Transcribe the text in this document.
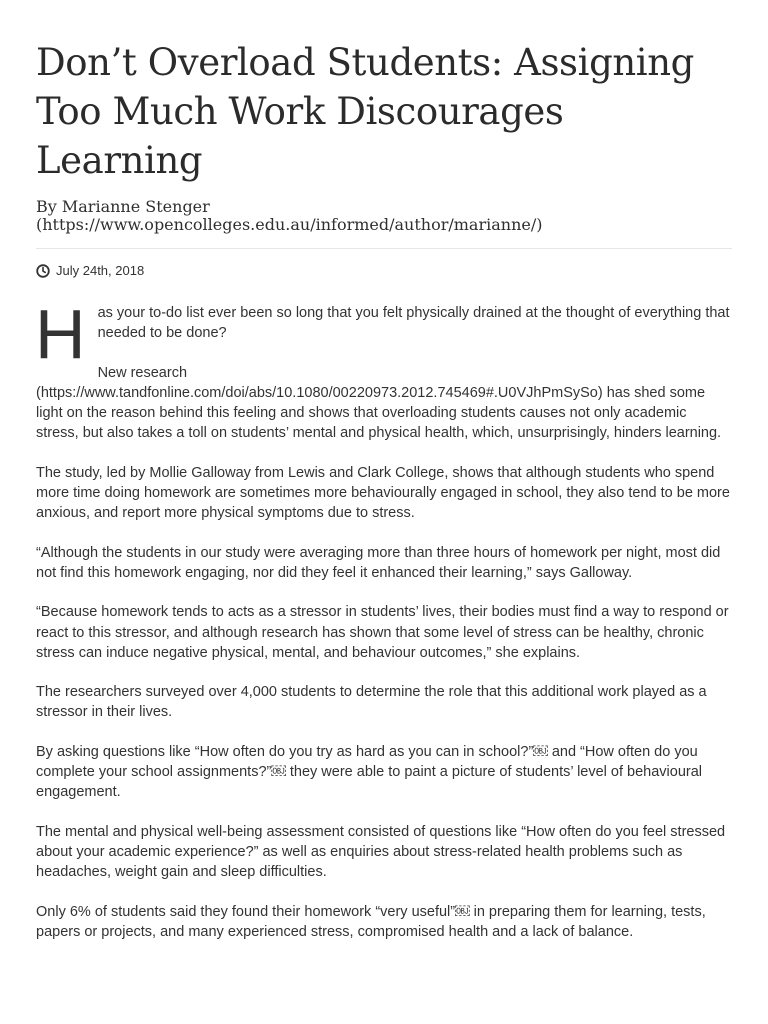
Don’t Overload Students: Assigning
Too Much Work Discourages Learning
By Marianne Stenger
(https://www.opencolleges.edu.au/informed/author/marianne/)
July 24th, 2018
H as your to-do list ever been so long that you felt physically drained at the thought of everything that needed to be done?

New research
(https://www.tandfonline.com/doi/abs/10.1080/00220973.2012.745469#.U0VJhPmSySo) has shed some light on the reason behind this feeling and shows that overloading students causes not only academic stress, but also takes a toll on students’ mental and physical health, which, unsurprisingly, hinders learning.

The study, led by Mollie Galloway from Lewis and Clark College, shows that although students who spend more time doing homework are sometimes more behaviourally engaged in school, they also tend to be more anxious, and report more physical symptoms due to stress.

“Although the students in our study were averaging more than three hours of homework per night, most did not find this homework engaging, nor did they feel it enhanced their learning,” says Galloway.

“Because homework tends to acts as a stressor in students’ lives, their bodies must find a way to respond or react to this stressor, and although research has shown that some level of stress can be healthy, chronic stress can induce negative physical, mental, and behaviour outcomes,” she explains.

The researchers surveyed over 4,000 students to determine the role that this additional work played as a stressor in their lives.

By asking questions like “How often do you try as hard as you can in school?”￼ and “How often do you complete your school assignments?”￼ they were able to paint a picture of students’ level of behavioural engagement.

The mental and physical well-being assessment consisted of questions like “How often do you feel stressed about your academic experience?” as well as enquiries about stress-related health problems such as headaches, weight gain and sleep difficulties.

Only 6% of students said they found their homework “very useful”￼ in preparing them for learning, tests, papers or projects, and many experienced stress, compromised health and a lack of balance.
